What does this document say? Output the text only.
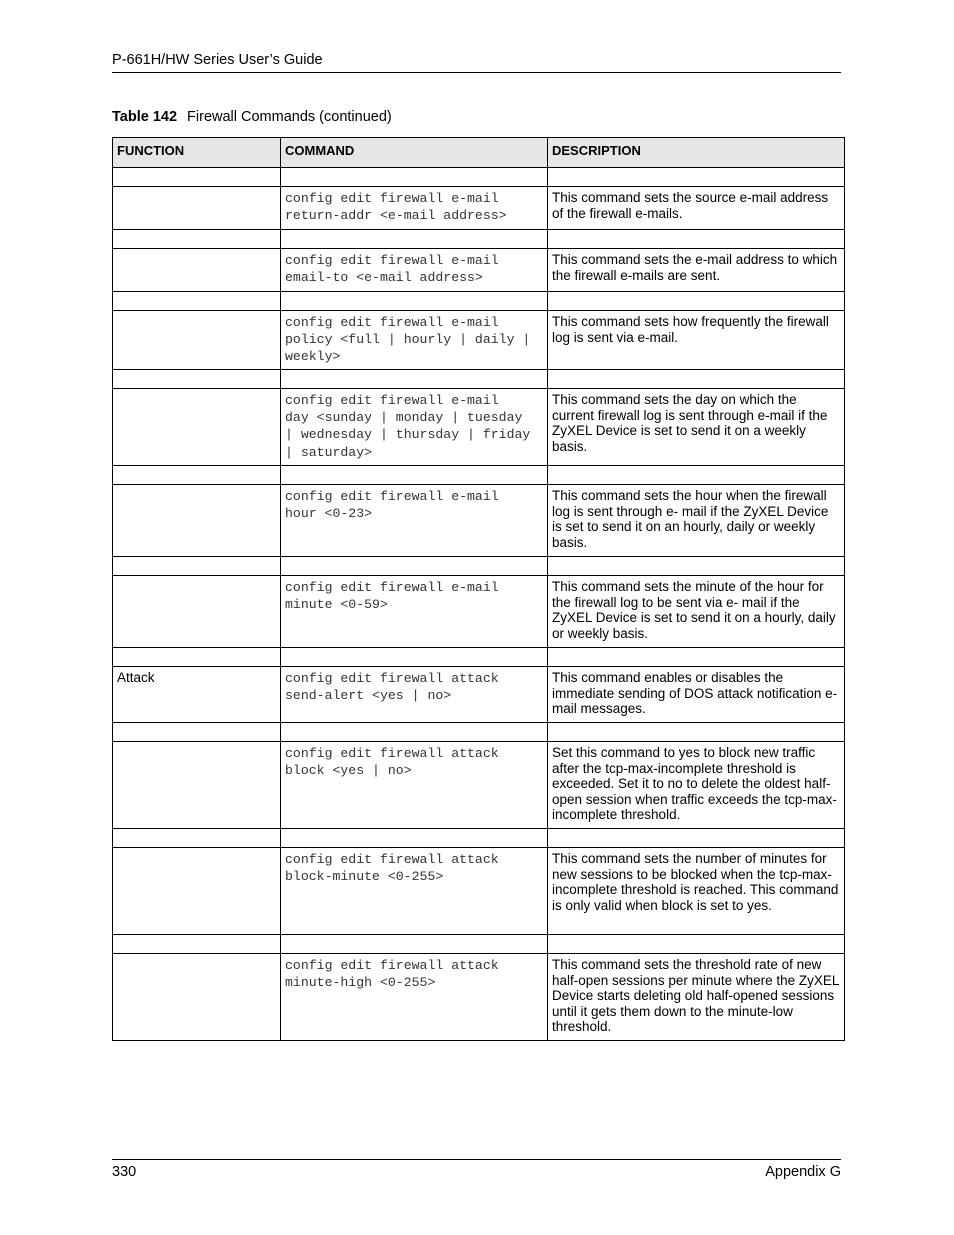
P-661H/HW Series User’s Guide
Table 142 Firewall Commands (continued)
FUNCTION	COMMAND	DESCRIPTION

	config edit firewall e-mail
return-addr <e-mail address>	This command sets the source e-mail address of the firewall e-mails.

	config edit firewall e-mail
email-to <e-mail address>	This command sets the e-mail address to which the firewall e-mails are sent.

	config edit firewall e-mail
policy <full | hourly | daily |
weekly>	This command sets how frequently the firewall log is sent via e-mail.

	config edit firewall e-mail
day <sunday | monday | tuesday
| wednesday | thursday | friday
| saturday>	This command sets the day on which the current firewall log is sent through e-mail if the ZyXEL Device is set to send it on a weekly basis.

	config edit firewall e-mail
hour <0-23>	This command sets the hour when the firewall log is sent through e- mail if the ZyXEL Device is set to send it on an hourly, daily or weekly basis.

	config edit firewall e-mail
minute <0-59>	This command sets the minute of the hour for the firewall log to be sent via e- mail if the ZyXEL Device is set to send it on a hourly, daily or weekly basis.

Attack	config edit firewall attack
send-alert <yes | no>	This command enables or disables the immediate sending of DOS attack notification e-mail messages.

	config edit firewall attack
block <yes | no>	Set this command to yes to block new traffic after the tcp-max-incomplete threshold is exceeded. Set it to no to delete the oldest half-open session when traffic exceeds the tcp-max-incomplete threshold.

	config edit firewall attack
block-minute <0-255>	This command sets the number of minutes for new sessions to be blocked when the tcp-max-incomplete threshold is reached. This command is only valid when block is set to yes.

	config edit firewall attack
minute-high <0-255>	This command sets the threshold rate of new half-open sessions per minute where the ZyXEL Device starts deleting old half-opened sessions until it gets them down to the minute-low threshold.
330	Appendix G
